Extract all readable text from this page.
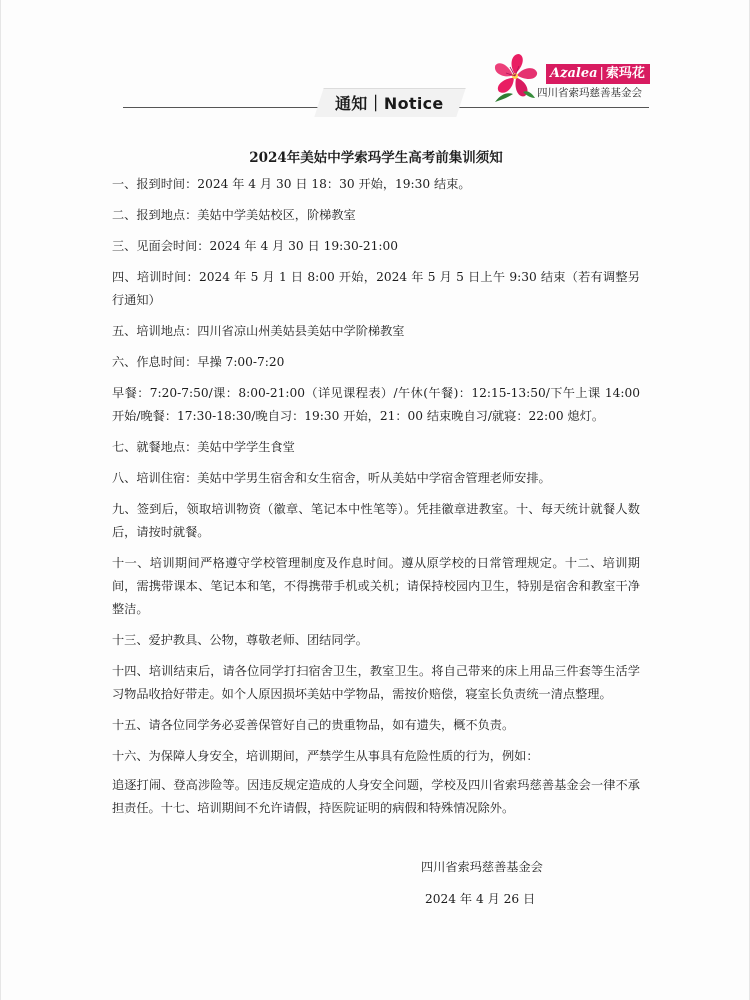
通知｜Notice
Azalea | 索玛花
四川省索玛慈善基金会
2024年美姑中学索玛学生高考前集训须知

一、报到时间：2024 年 4 月 30 日 18：30 开始，19:30 结束。

二、报到地点：美姑中学美姑校区，阶梯教室

三、见面会时间：2024 年 4 月 30 日 19:30-21:00

四、培训时间：2024 年 5 月 1 日 8:00 开始，2024 年 5 月 5 日上午 9:30 结束（若有调整另行通知）

五、培训地点：四川省凉山州美姑县美姑中学阶梯教室

六、作息时间：早操 7:00-7:20

早餐：7:20-7:50/课：8:00-21:00（详见课程表）/午休(午餐)：12:15-13:50/下午上课 14:00 开始/晚餐：17:30-18:30/晚自习：19:30 开始，21：00 结束晚自习/就寝：22:00 熄灯。

七、就餐地点：美姑中学学生食堂

八、培训住宿：美姑中学男生宿舍和女生宿舍，听从美姑中学宿舍管理老师安排。

九、签到后，领取培训物资（徽章、笔记本中性笔等）。凭挂徽章进教室。十、每天统计就餐人数后，请按时就餐。

十一、培训期间严格遵守学校管理制度及作息时间。遵从原学校的日常管理规定。十二、培训期间，需携带课本、笔记本和笔，不得携带手机或关机；请保持校园内卫生，特别是宿舍和教室干净整洁。

十三、爱护教具、公物，尊敬老师、团结同学。

十四、培训结束后，请各位同学打扫宿舍卫生，教室卫生。将自己带来的床上用品三件套等生活学习物品收拾好带走。如个人原因损坏美姑中学物品，需按价赔偿，寝室长负责统一清点整理。

十五、请各位同学务必妥善保管好自己的贵重物品，如有遗失，概不负责。

十六、为保障人身安全，培训期间，严禁学生从事具有危险性质的行为，例如：

追逐打闹、登高涉险等。因违反规定造成的人身安全问题，学校及四川省索玛慈善基金会一律不承担责任。十七、培训期间不允许请假，持医院证明的病假和特殊情况除外。

四川省索玛慈善基金会
2024 年 4 月 26 日
